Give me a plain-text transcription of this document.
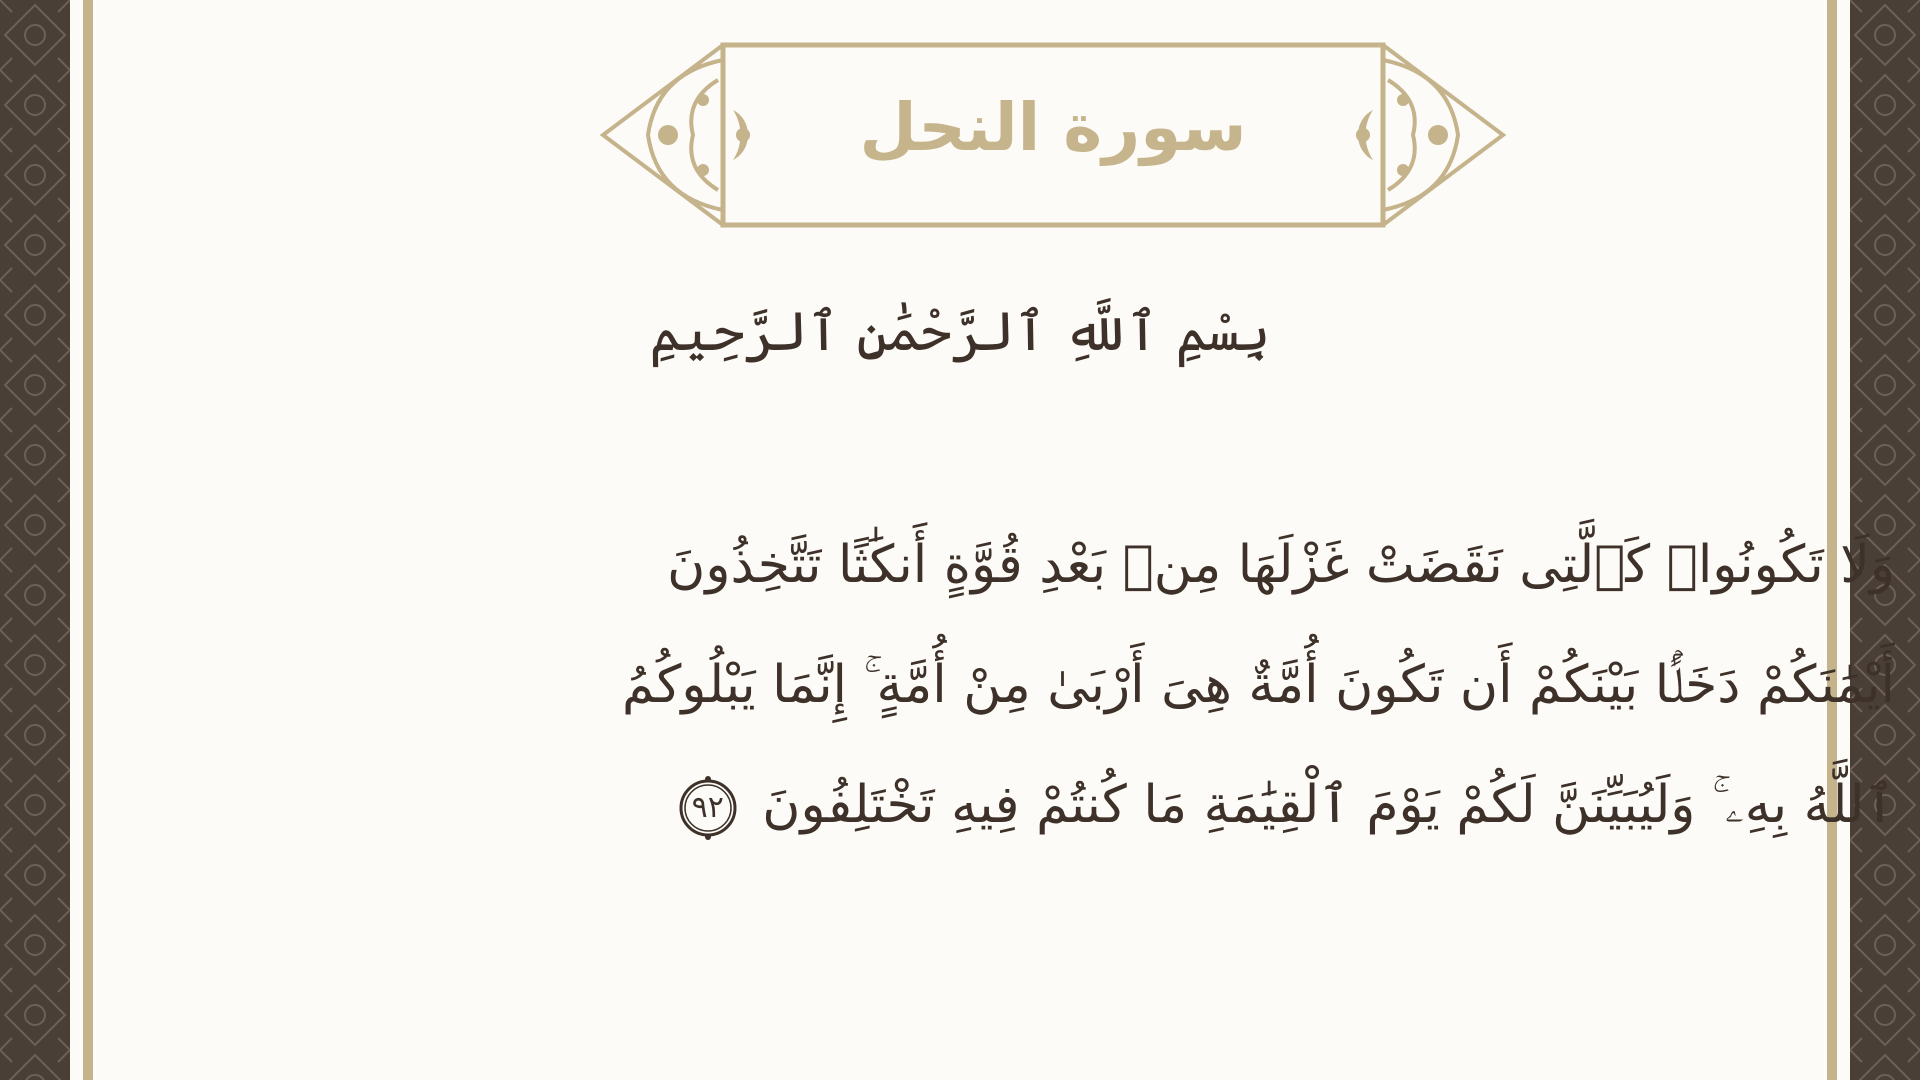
سورة النحل
بِسْمِ ٱللَّهِ ٱلرَّحْمَٰنِ ٱلرَّحِيمِ
وَلَا تَكُونُوا۟ كَٱلَّتِى نَقَضَتْ غَزْلَهَا مِنۢ بَعْدِ قُوَّةٍ أَنكَٰثًا تَتَّخِذُونَ
أَيْمَٰنَكُمْ دَخَلًۢا بَيْنَكُمْ أَن تَكُونَ أُمَّةٌ هِىَ أَرْبَىٰ مِنْ أُمَّةٍ ۚ إِنَّمَا يَبْلُوكُمُ
ٱللَّهُ بِهِۦ ۚ وَلَيُبَيِّنَنَّ لَكُمْ يَوْمَ ٱلْقِيَٰمَةِ مَا كُنتُمْ فِيهِ تَخْتَلِفُونَ
٩٢
